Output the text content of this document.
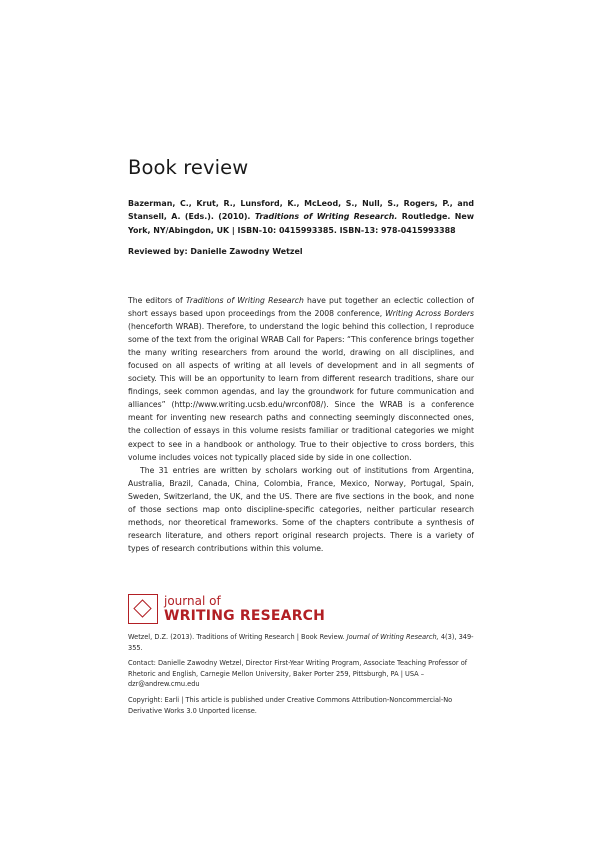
Book review
Bazerman, C., Krut, R., Lunsford, K., McLeod, S., Null, S., Rogers, P., and Stansell, A. (Eds.). (2010). Traditions of Writing Research. Routledge. New York, NY/Abingdon, UK | ISBN-10: 0415993385. ISBN-13: 978-0415993388
Reviewed by: Danielle Zawodny Wetzel

The editors of Traditions of Writing Research have put together an eclectic collection of short essays based upon proceedings from the 2008 conference, Writing Across Borders (henceforth WRAB). Therefore, to understand the logic behind this collection, I reproduce some of the text from the original WRAB Call for Papers: “This conference brings together the many writing researchers from around the world, drawing on all disciplines, and focused on all aspects of writing at all levels of development and in all segments of society. This will be an opportunity to learn from different research traditions, share our findings, seek common agendas, and lay the groundwork for future communication and alliances” (http://www.writing.ucsb.edu/wrconf08/). Since the WRAB is a conference meant for inventing new research paths and connecting seemingly disconnected ones, the collection of essays in this volume resists familiar or traditional categories we might expect to see in a handbook or anthology. True to their objective to cross borders, this volume includes voices not typically placed side by side in one collection.

The 31 entries are written by scholars working out of institutions from Argentina, Australia, Brazil, Canada, China, Colombia, France, Mexico, Norway, Portugal, Spain, Sweden, Switzerland, the UK, and the US. There are five sections in the book, and none of those sections map onto discipline-specific categories, neither particular research methods, nor theoretical frameworks. Some of the chapters contribute a synthesis of research literature, and others report original research projects. There is a variety of types of research contributions within this volume.

journal of
WRITING RESEARCH

Wetzel, D.Z. (2013). Traditions of Writing Research | Book Review. Journal of Writing Research, 4(3), 349-355.

Contact: Danielle Zawodny Wetzel, Director First-Year Writing Program, Associate Teaching Professor of Rhetoric and English, Carnegie Mellon University, Baker Porter 259, Pittsburgh, PA | USA – dzr@andrew.cmu.edu

Copyright: Earli | This article is published under Creative Commons Attribution-Noncommercial-No Derivative Works 3.0 Unported license.
